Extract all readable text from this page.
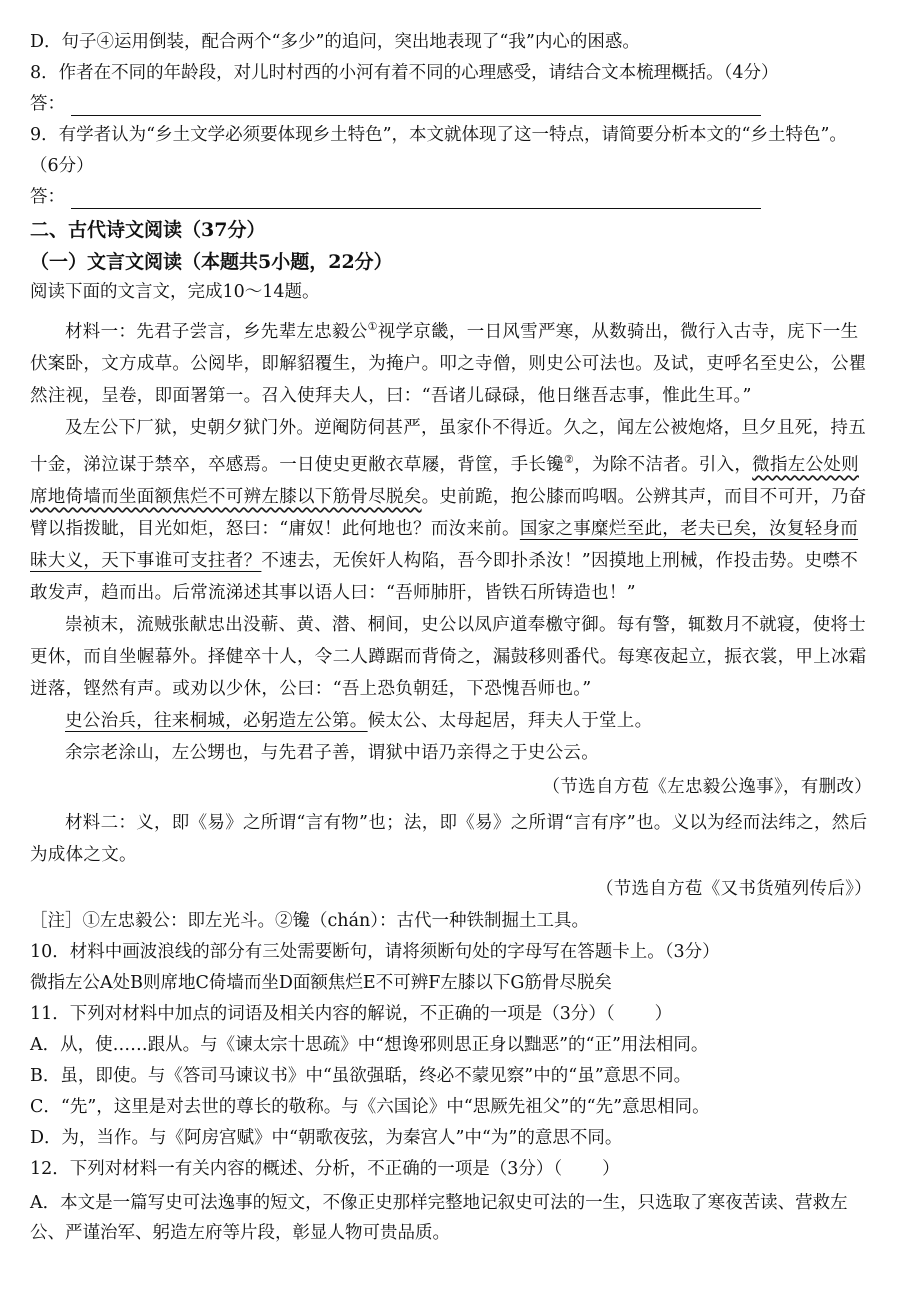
D．句子④运用倒装，配合两个“多少”的追问，突出地表现了“我”内心的困惑。

8．作者在不同的年龄段，对儿时村西的小河有着不同的心理感受，请结合文本梳理概括。（4分）

答：

9．有学者认为“乡土文学必须要体现乡土特色”，本文就体现了这一特点，请简要分析本文的“乡土特色”。

（6分）

答：

二、古代诗文阅读（37分）
（一）文言文阅读（本题共5小题，22分）

阅读下面的文言文，完成10～14题。

材料一：先君子尝言，乡先辈左忠毅公①视学京畿，一日风雪严寒，从数骑出，微行入古寺，庑下一生伏案卧，文方成草。公阅毕，即解貂覆生，为掩户。叩之寺僧，则史公可法也。及试，吏呼名至史公，公瞿然注视，呈卷，即面署第一。召入使拜夫人，曰：“吾诸儿碌碌，他日继吾志事，惟此生耳。”

及左公下厂狱，史朝夕狱门外。逆阉防伺甚严，虽家仆不得近。久之，闻左公被炮烙，旦夕且死，持五十金，涕泣谋于禁卒，卒感焉。一日使史更敝衣草屦，背筐，手长镵②，为除不洁者。引入，微指左公处则席地倚墙而坐面额焦烂不可辨左膝以下筋骨尽脱矣。史前跪，抱公膝而呜咽。公辨其声，而目不可开，乃奋臂以指拨眦，目光如炬，怒曰：“庸奴！此何地也？而汝来前。国家之事糜烂至此，老夫已矣，汝复轻身而昧大义，天下事谁可支拄者？不速去，无俟奸人构陷，吾今即扑杀汝！”因摸地上刑械，作投击势。史噤不敢发声，趋而出。后常流涕述其事以语人曰：“吾师肺肝，皆铁石所铸造也！”

崇祯末，流贼张献忠出没蕲、黄、潜、桐间，史公以凤庐道奉檄守御。每有警，辄数月不就寝，使将士更休，而自坐幄幕外。择健卒十人，令二人蹲踞而背倚之，漏鼓移则番代。每寒夜起立，振衣裳，甲上冰霜迸落，铿然有声。或劝以少休，公曰：“吾上恐负朝廷，下恐愧吾师也。”

史公治兵，往来桐城，必躬造左公第。候太公、太母起居，拜夫人于堂上。

余宗老涂山，左公甥也，与先君子善，谓狱中语乃亲得之于史公云。

（节选自方苞《左忠毅公逸事》，有删改）

材料二：义，即《易》之所谓“言有物”也；法，即《易》之所谓“言有序”也。义以为经而法纬之，然后为成体之文。

（节选自方苞《又书货殖列传后》）

［注］①左忠毅公：即左光斗。②镵（chán）：古代一种铁制掘土工具。

10．材料中画波浪线的部分有三处需要断句，请将须断句处的字母写在答题卡上。（3分）

微指左公A处B则席地C倚墙而坐D面额焦烂E不可辨F左膝以下G筋骨尽脱矣

11．下列对材料中加点的词语及相关内容的解说，不正确的一项是（3分）（ ）

A．从，使……跟从。与《谏太宗十思疏》中“想谗邪则思正身以黜恶”的“正”用法相同。

B．虽，即使。与《答司马谏议书》中“虽欲强聒，终必不蒙见察”中的“虽”意思不同。

C．“先”，这里是对去世的尊长的敬称。与《六国论》中“思厥先祖父”的“先”意思相同。

D．为，当作。与《阿房宫赋》中“朝歌夜弦，为秦宫人”中“为”的意思不同。

12．下列对材料一有关内容的概述、分析，不正确的一项是（3分）（ ）

A．本文是一篇写史可法逸事的短文，不像正史那样完整地记叙史可法的一生，只选取了寒夜苦读、营救左公、严谨治军、躬造左府等片段，彰显人物可贵品质。
